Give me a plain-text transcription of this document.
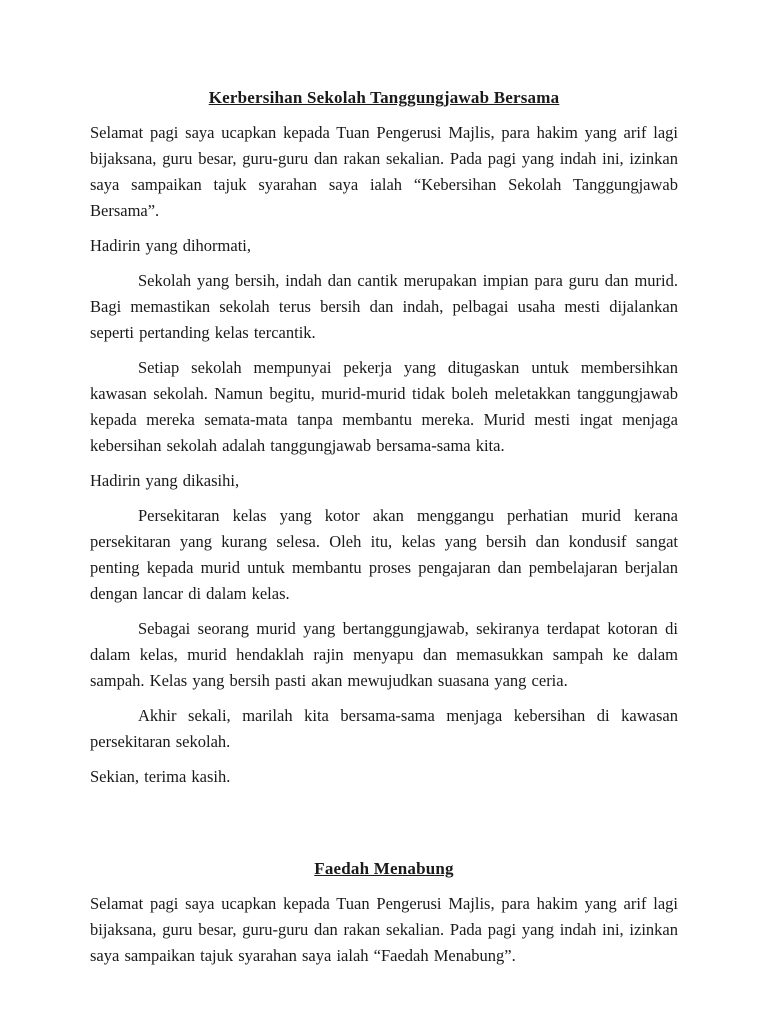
Kerbersihan Sekolah Tanggungjawab Bersama

Selamat pagi saya ucapkan kepada Tuan Pengerusi Majlis, para hakim yang arif lagi bijaksana, guru besar, guru-guru dan rakan sekalian. Pada pagi yang indah ini, izinkan saya sampaikan tajuk syarahan saya ialah “Kebersihan Sekolah Tanggungjawab Bersama”.

Hadirin yang dihormati,

Sekolah yang bersih, indah dan cantik merupakan impian para guru dan murid. Bagi memastikan sekolah terus bersih dan indah, pelbagai usaha mesti dijalankan seperti pertanding kelas tercantik.

Setiap sekolah mempunyai pekerja yang ditugaskan untuk membersihkan kawasan sekolah. Namun begitu, murid-murid tidak boleh meletakkan tanggungjawab kepada mereka semata-mata tanpa membantu mereka. Murid mesti ingat menjaga kebersihan sekolah adalah tanggungjawab bersama-sama kita.

Hadirin yang dikasihi,

Persekitaran kelas yang kotor akan menggangu perhatian murid kerana persekitaran yang kurang selesa. Oleh itu, kelas yang bersih dan kondusif sangat penting kepada murid untuk membantu proses pengajaran dan pembelajaran berjalan dengan lancar di dalam kelas.

Sebagai seorang murid yang bertanggungjawab, sekiranya terdapat kotoran di dalam kelas, murid hendaklah rajin menyapu dan memasukkan sampah ke dalam sampah. Kelas yang bersih pasti akan mewujudkan suasana yang ceria.

Akhir sekali, marilah kita bersama-sama menjaga kebersihan di kawasan persekitaran sekolah.

Sekian, terima kasih.

Faedah Menabung

Selamat pagi saya ucapkan kepada Tuan Pengerusi Majlis, para hakim yang arif lagi bijaksana, guru besar, guru-guru dan rakan sekalian. Pada pagi yang indah ini, izinkan saya sampaikan tajuk syarahan saya ialah “Faedah Menabung”.
